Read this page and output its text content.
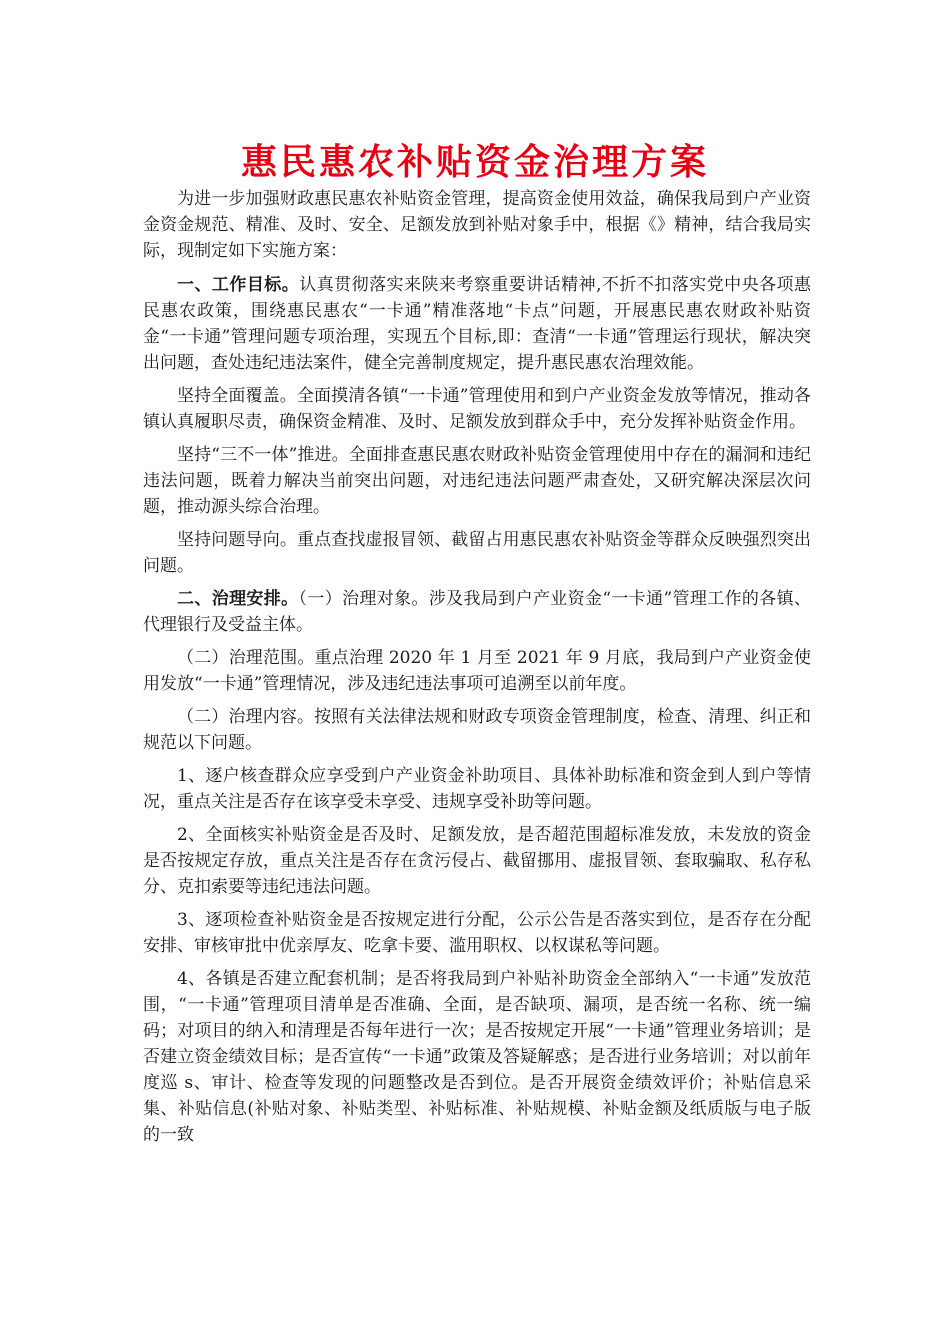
惠民惠农补贴资金治理方案

为进一步加强财政惠民惠农补贴资金管理，提高资金使用效益，确保我局到户产业资金资金规范、精准、及时、安全、足额发放到补贴对象手中，根据《》精神，结合我局实际，现制定如下实施方案：

一、工作目标。认真贯彻落实来陕来考察重要讲话精神,不折不扣落实党中央各项惠民惠农政策，围绕惠民惠农“一卡通”精准落地“卡点”问题，开展惠民惠农财政补贴资金“一卡通”管理问题专项治理，实现五个目标,即：查清“一卡通”管理运行现状，解决突出问题，查处违纪违法案件，健全完善制度规定，提升惠民惠农治理效能。

坚持全面覆盖。全面摸清各镇“一卡通”管理使用和到户产业资金发放等情况，推动各镇认真履职尽责，确保资金精准、及时、足额发放到群众手中，充分发挥补贴资金作用。

坚持“三不一体”推进。全面排查惠民惠农财政补贴资金管理使用中存在的漏洞和违纪违法问题，既着力解决当前突出问题，对违纪违法问题严肃查处，又研究解决深层次问题，推动源头综合治理。

坚持问题导向。重点查找虚报冒领、截留占用惠民惠农补贴资金等群众反映强烈突出问题。

二、治理安排。（一）治理对象。涉及我局到户产业资金“一卡通”管理工作的各镇、代理银行及受益主体。

（二）治理范围。重点治理 2020 年 1 月至 2021 年 9 月底，我局到户产业资金使用发放“一卡通”管理情况，涉及违纪违法事项可追溯至以前年度。

（二）治理内容。按照有关法律法规和财政专项资金管理制度，检查、清理、纠正和规范以下问题。

1、逐户核查群众应享受到户产业资金补助项目、具体补助标准和资金到人到户等情况，重点关注是否存在该享受未享受、违规享受补助等问题。

2、全面核实补贴资金是否及时、足额发放，是否超范围超标准发放，未发放的资金是否按规定存放，重点关注是否存在贪污侵占、截留挪用、虚报冒领、套取骗取、私存私分、克扣索要等违纪违法问题。

3、逐项检查补贴资金是否按规定进行分配，公示公告是否落实到位，是否存在分配安排、审核审批中优亲厚友、吃拿卡要、滥用职权、以权谋私等问题。

4、各镇是否建立配套机制；是否将我局到户补贴补助资金全部纳入“一卡通”发放范围，“一卡通”管理项目清单是否准确、全面，是否缺项、漏项，是否统一名称、统一编码；对项目的纳入和清理是否每年进行一次；是否按规定开展“一卡通”管理业务培训；是否建立资金绩效目标；是否宣传“一卡通”政策及答疑解惑；是否进行业务培训；对以前年度巡 s、审计、检查等发现的问题整改是否到位。是否开展资金绩效评价；补贴信息采集、补贴信息(补贴对象、补贴类型、补贴标准、补贴规模、补贴金额及纸质版与电子版的一致
